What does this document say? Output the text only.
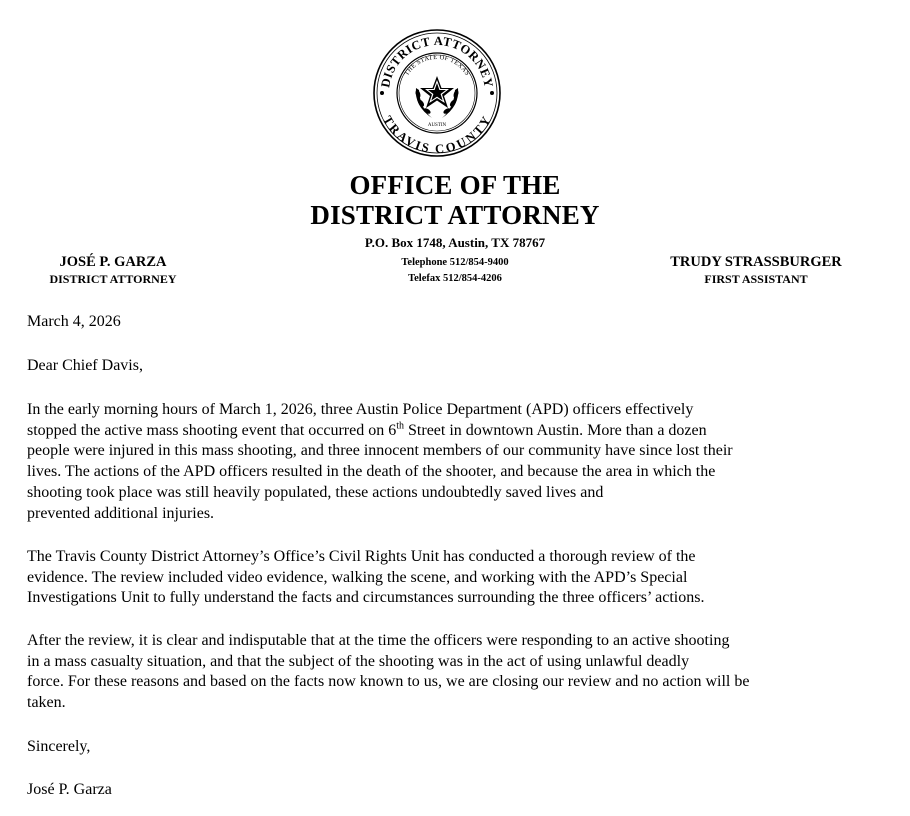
DISTRICT ATTORNEY
TRAVIS COUNTY
THE STATE OF TEXAS
AUSTIN
OFFICE OF THE
DISTRICT ATTORNEY
P.O. Box 1748, Austin, TX 78767
Telephone 512/854-9400
Telefax 512/854-4206
JOSÉ P. GARZA
DISTRICT ATTORNEY
TRUDY STRASSBURGER
FIRST ASSISTANT
March 4, 2026
Dear Chief Davis,

In the early morning hours of March 1, 2026, three Austin Police Department (APD) officers effectively

stopped the active mass shooting event that occurred on 6th Street in downtown Austin. More than a dozen

people were injured in this mass shooting, and three innocent members of our community have since lost their

lives. The actions of the APD officers resulted in the death of the shooter, and because the area in which the

shooting took place was still heavily populated, these actions undoubtedly saved lives and

prevented additional injuries.

The Travis County District Attorney’s Office’s Civil Rights Unit has conducted a thorough review of the

evidence. The review included video evidence, walking the scene, and working with the APD’s Special

Investigations Unit to fully understand the facts and circumstances surrounding the three officers’ actions.

After the review, it is clear and indisputable that at the time the officers were responding to an active shooting

in a mass casualty situation, and that the subject of the shooting was in the act of using unlawful deadly

force. For these reasons and based on the facts now known to us, we are closing our review and no action will be

taken.

Sincerely,
José P. Garza
